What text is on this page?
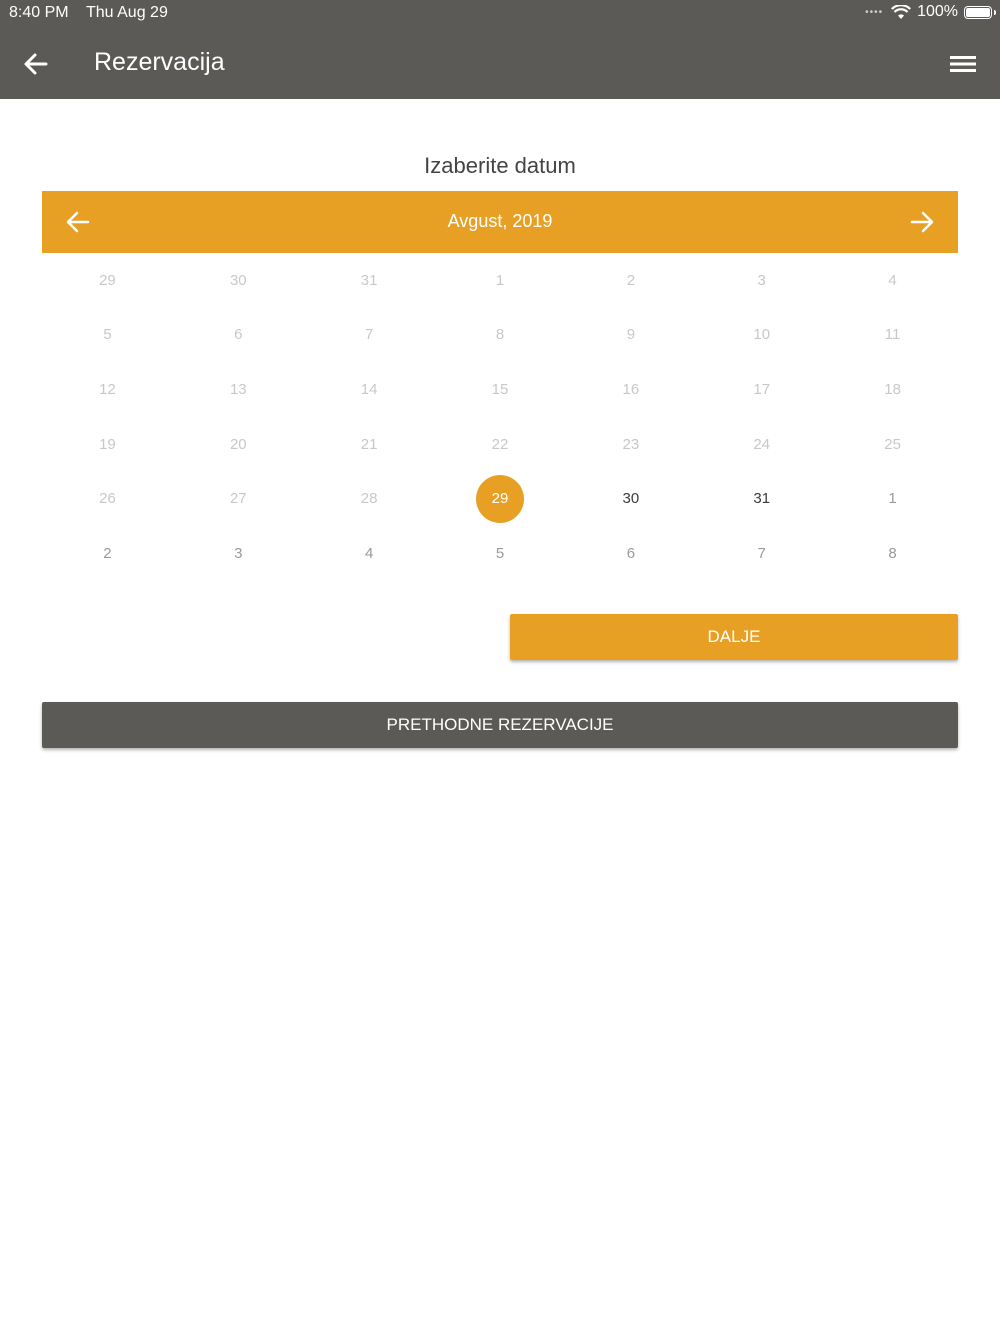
8:40 PM Thu Aug 29	•••• 100%
Rezervacija
Izaberite datum
Avgust, 2019
29	30	31	1	2	3	4
5	6	7	8	9	10	11
12	13	14	15	16	17	18
19	20	21	22	23	24	25
26	27	28	29	30	31	1
2	3	4	5	6	7	8
DALJE
PRETHODNE REZERVACIJE
